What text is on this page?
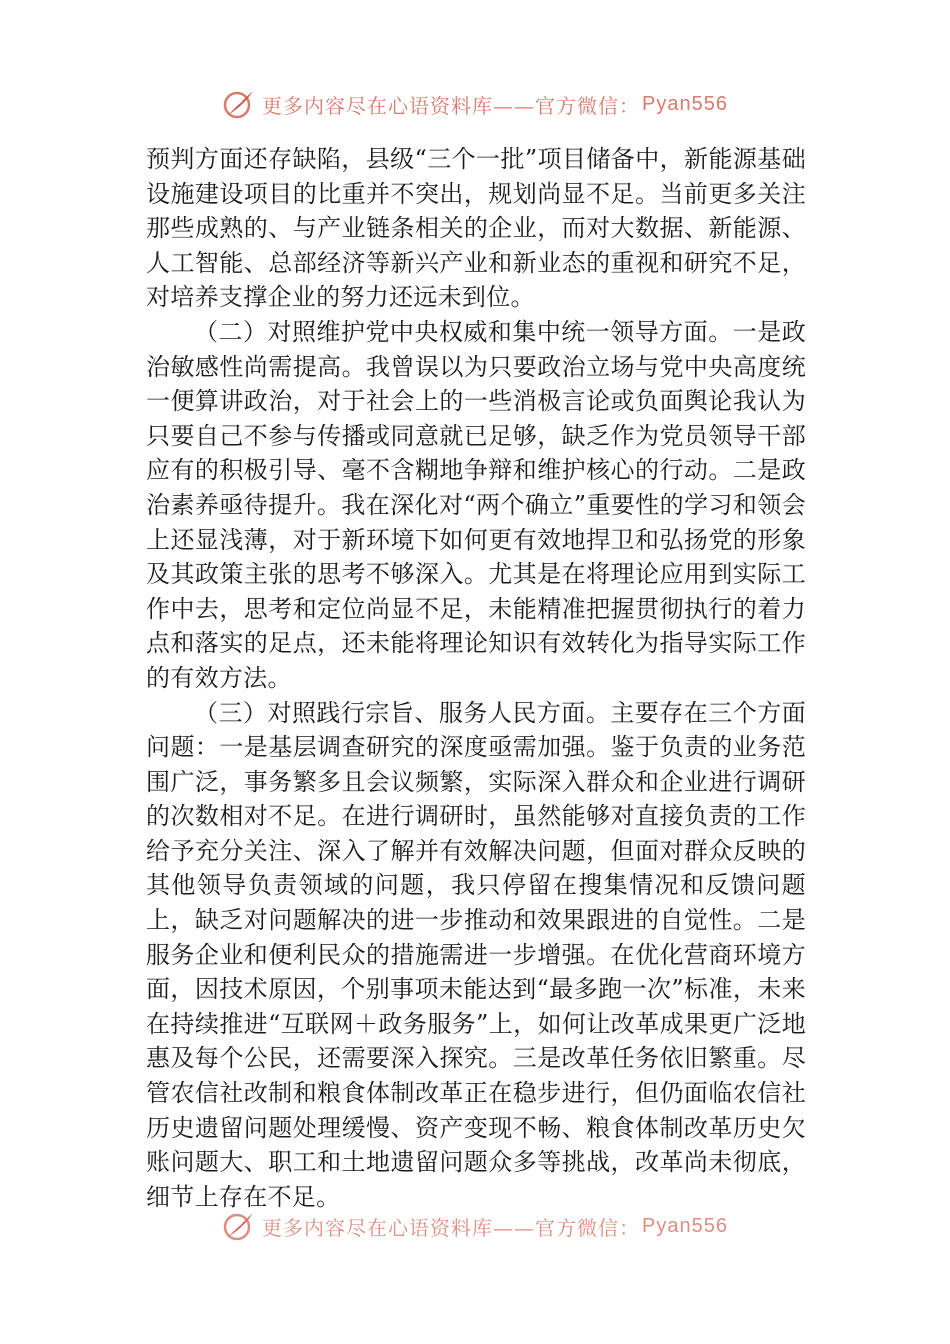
更多内容尽在心语资料库——官方微信： Pyan556

预判方面还存缺陷，县级“三个一批”项目储备中，新能源基础设施建设项目的比重并不突出，规划尚显不足。当前更多关注那些成熟的、与产业链条相关的企业，而对大数据、新能源、人工智能、总部经济等新兴产业和新业态的重视和研究不足，对培养支撑企业的努力还远未到位。

（二）对照维护党中央权威和集中统一领导方面。一是政治敏感性尚需提高。我曾误以为只要政治立场与党中央高度统一便算讲政治，对于社会上的一些消极言论或负面舆论我认为只要自己不参与传播或同意就已足够，缺乏作为党员领导干部应有的积极引导、毫不含糊地争辩和维护核心的行动。二是政治素养亟待提升。我在深化对“两个确立”重要性的学习和领会上还显浅薄，对于新环境下如何更有效地捍卫和弘扬党的形象及其政策主张的思考不够深入。尤其是在将理论应用到实际工作中去，思考和定位尚显不足，未能精准把握贯彻执行的着力点和落实的足点，还未能将理论知识有效转化为指导实际工作的有效方法。

（三）对照践行宗旨、服务人民方面。主要存在三个方面问题：一是基层调查研究的深度亟需加强。鉴于负责的业务范围广泛，事务繁多且会议频繁，实际深入群众和企业进行调研的次数相对不足。在进行调研时，虽然能够对直接负责的工作给予充分关注、深入了解并有效解决问题，但面对群众反映的其他领导负责领域的问题，我只停留在搜集情况和反馈问题上，缺乏对问题解决的进一步推动和效果跟进的自觉性。二是服务企业和便利民众的措施需进一步增强。在优化营商环境方面，因技术原因，个别事项未能达到“最多跑一次”标准，未来在持续推进“互联网＋政务服务”上，如何让改革成果更广泛地惠及每个公民，还需要深入探究。三是改革任务依旧繁重。尽管农信社改制和粮食体制改革正在稳步进行，但仍面临农信社历史遗留问题处理缓慢、资产变现不畅、粮食体制改革历史欠账问题大、职工和土地遗留问题众多等挑战，改革尚未彻底，细节上存在不足。

更多内容尽在心语资料库——官方微信： Pyan556
